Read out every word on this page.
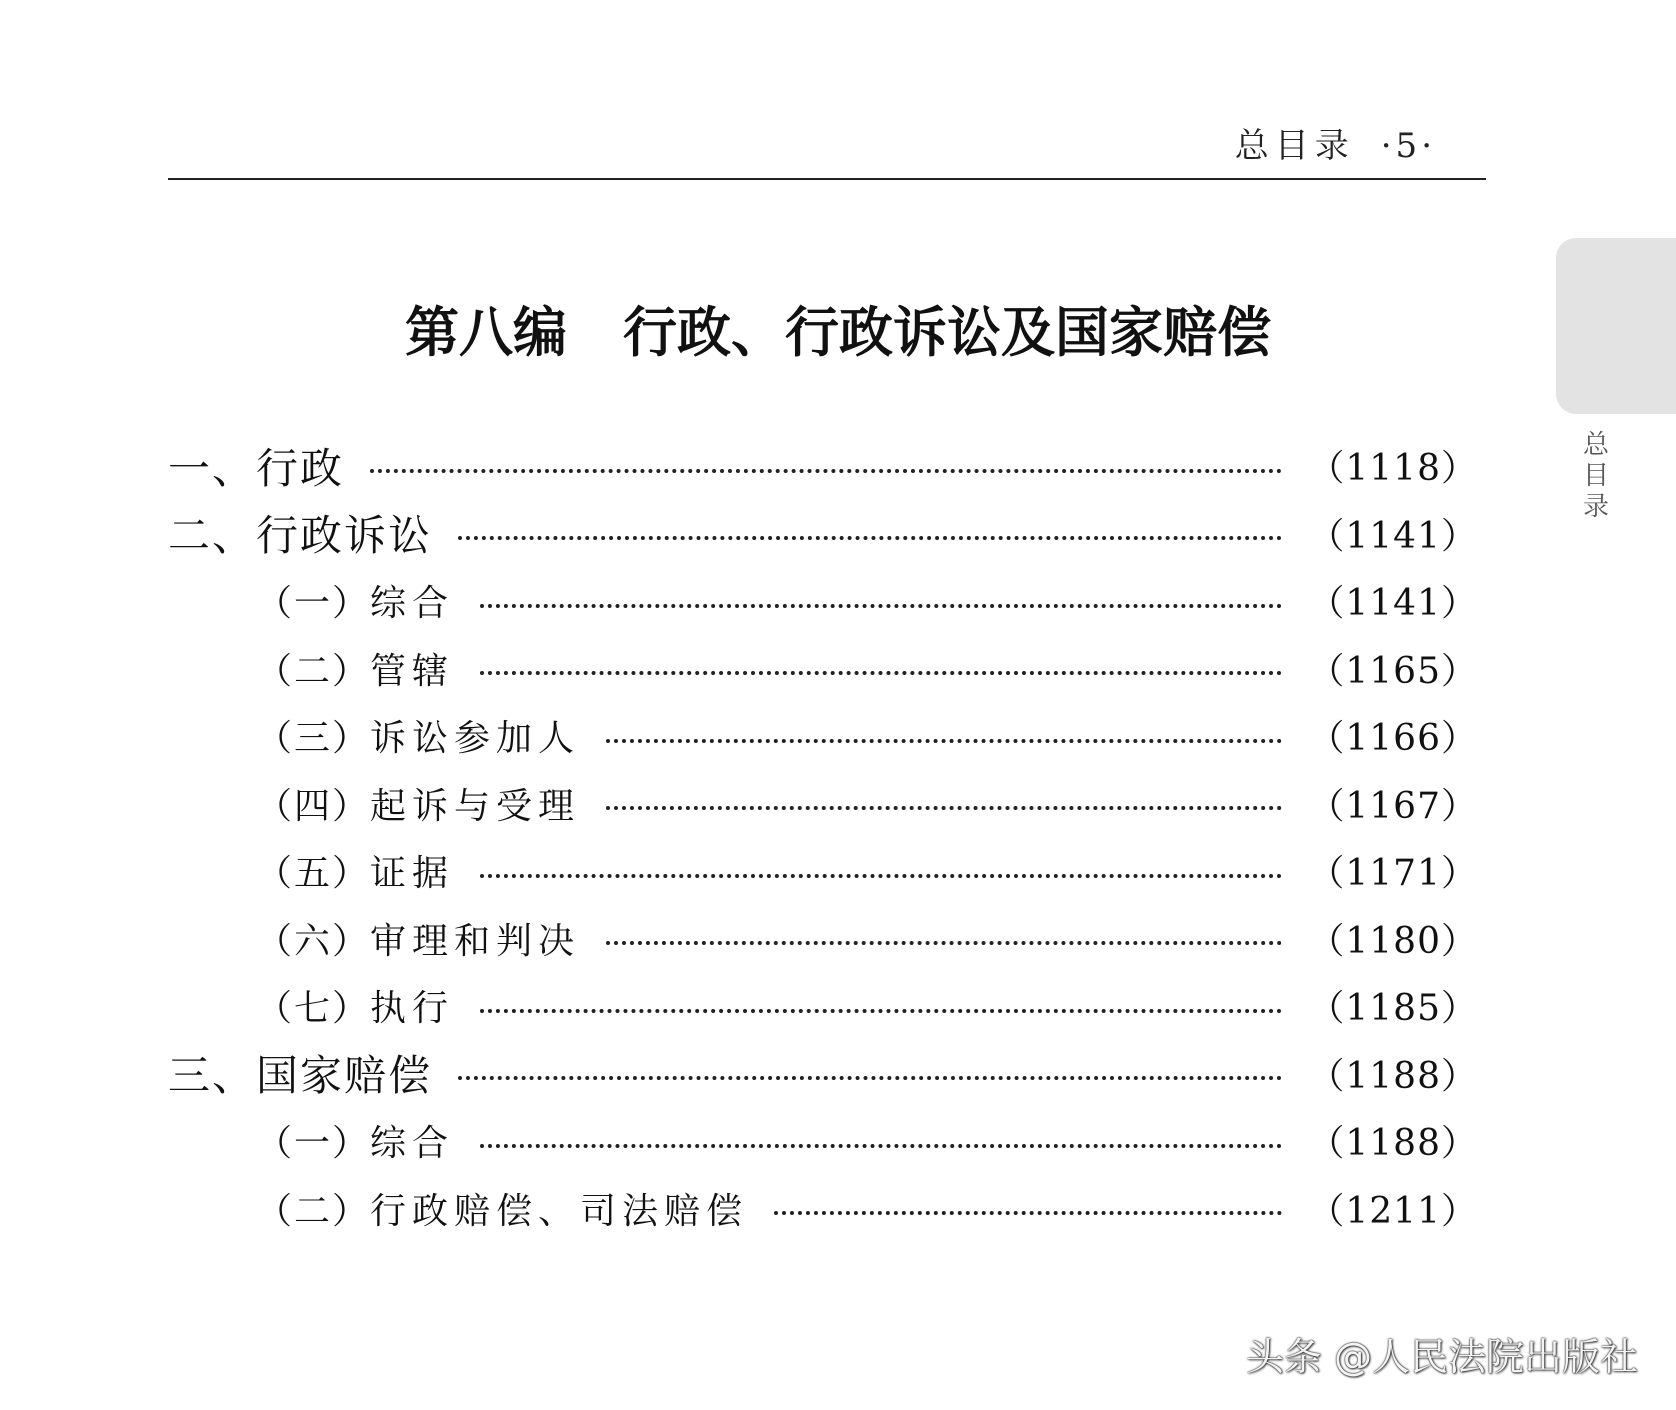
总目录 ·5·
总目录
第八编 行政、行政诉讼及国家赔偿
一、行政	（1118）
二、行政诉讼	（1141）
（一）综合	（1141）
（二）管辖	（1165）
（三）诉讼参加人	（1166）
（四）起诉与受理	（1167）
（五）证据	（1171）
（六）审理和判决	（1180）
（七）执行	（1185）
三、国家赔偿	（1188）
（一）综合	（1188）
（二）行政赔偿、司法赔偿	（1211）
头条 @人民法院出版社
